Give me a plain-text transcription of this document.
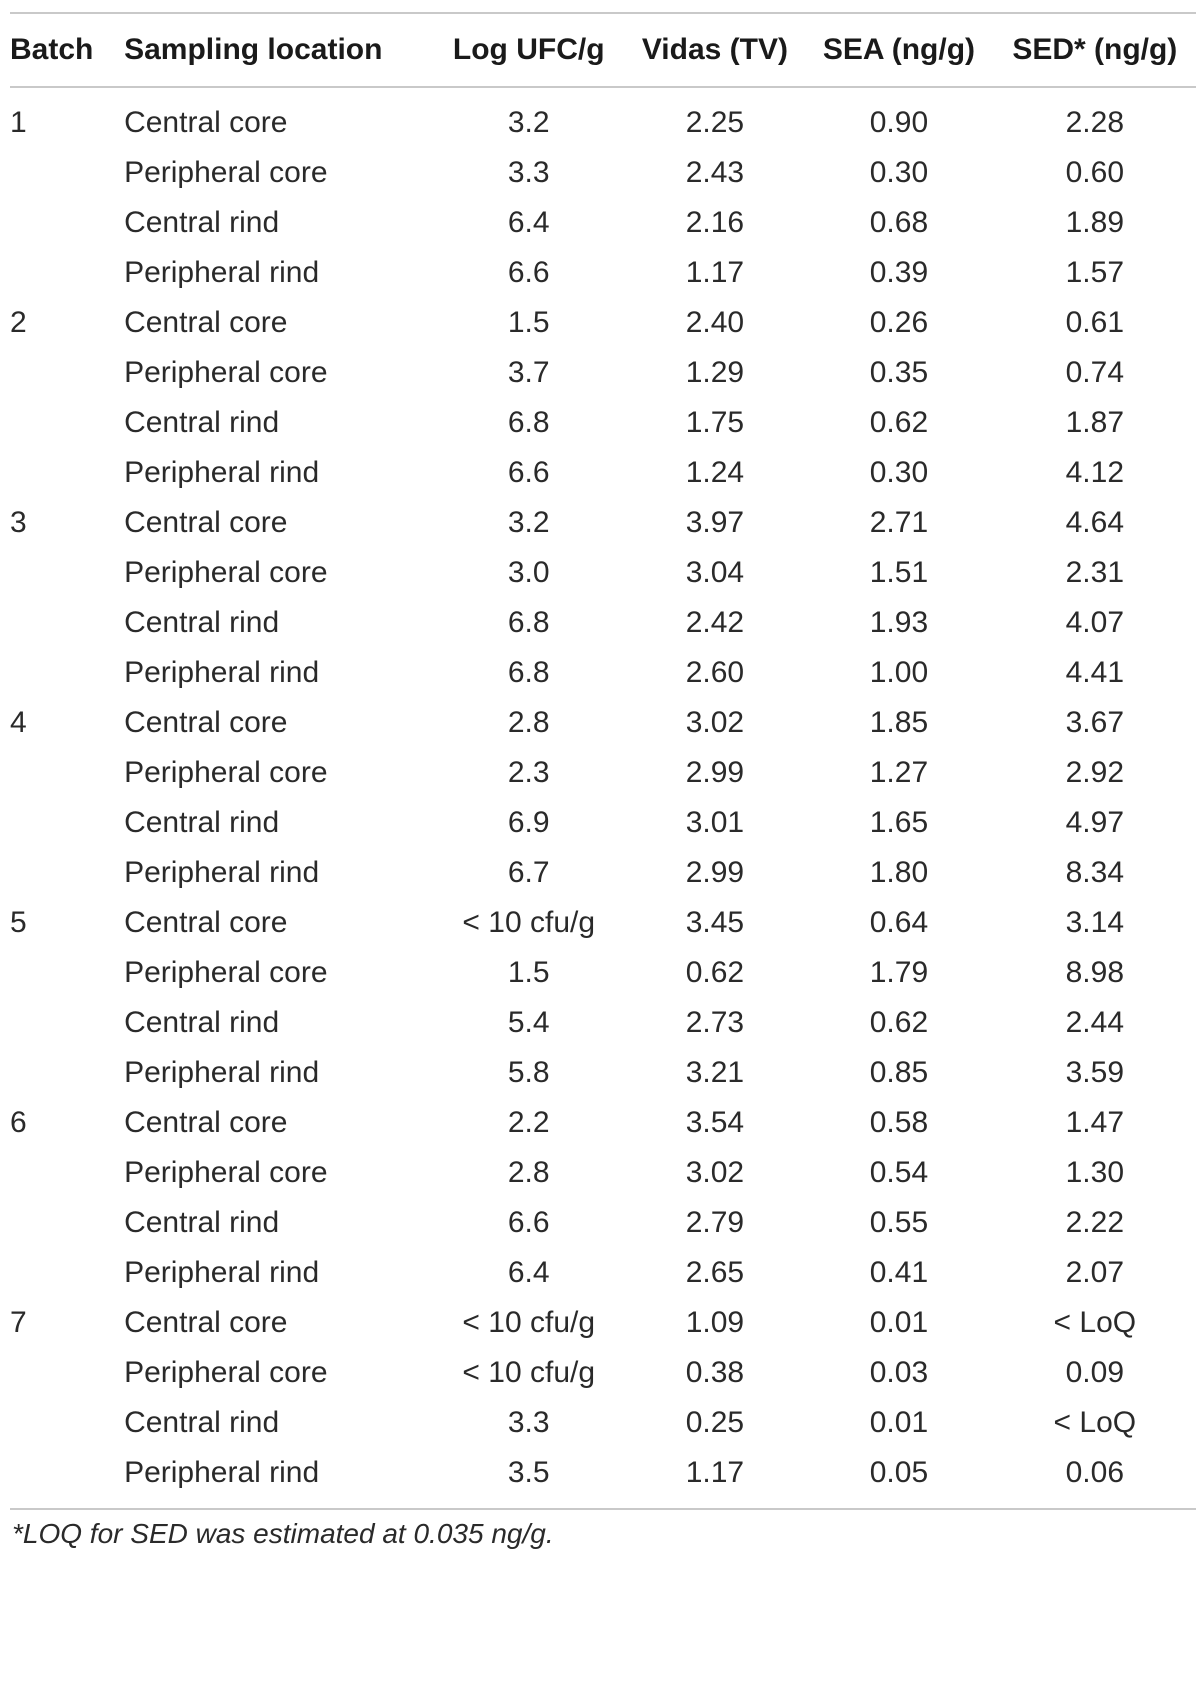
Batch	Sampling location	Log UFC/g	Vidas (TV)	SEA (ng/g)	SED* (ng/g)

1	Central core	3.2	2.25	0.90	2.28
	Peripheral core	3.3	2.43	0.30	0.60
	Central rind	6.4	2.16	0.68	1.89
	Peripheral rind	6.6	1.17	0.39	1.57
2	Central core	1.5	2.40	0.26	0.61
	Peripheral core	3.7	1.29	0.35	0.74
	Central rind	6.8	1.75	0.62	1.87
	Peripheral rind	6.6	1.24	0.30	4.12
3	Central core	3.2	3.97	2.71	4.64
	Peripheral core	3.0	3.04	1.51	2.31
	Central rind	6.8	2.42	1.93	4.07
	Peripheral rind	6.8	2.60	1.00	4.41
4	Central core	2.8	3.02	1.85	3.67
	Peripheral core	2.3	2.99	1.27	2.92
	Central rind	6.9	3.01	1.65	4.97
	Peripheral rind	6.7	2.99	1.80	8.34
5	Central core	< 10 cfu/g	3.45	0.64	3.14
	Peripheral core	1.5	0.62	1.79	8.98
	Central rind	5.4	2.73	0.62	2.44
	Peripheral rind	5.8	3.21	0.85	3.59
6	Central core	2.2	3.54	0.58	1.47
	Peripheral core	2.8	3.02	0.54	1.30
	Central rind	6.6	2.79	0.55	2.22
	Peripheral rind	6.4	2.65	0.41	2.07
7	Central core	< 10 cfu/g	1.09	0.01	< LoQ
	Peripheral core	< 10 cfu/g	0.38	0.03	0.09
	Central rind	3.3	0.25	0.01	< LoQ
	Peripheral rind	3.5	1.17	0.05	0.06
*LOQ for SED was estimated at 0.035 ng/g.
